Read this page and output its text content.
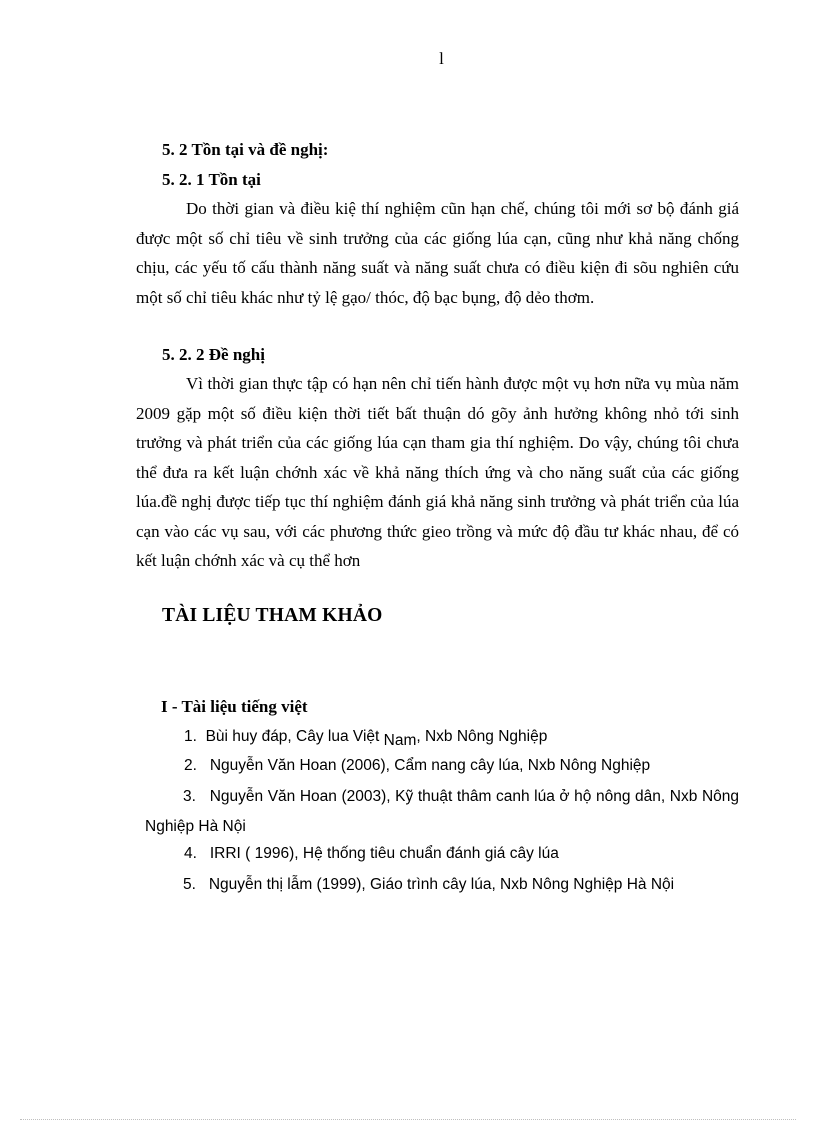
l
5. 2 Tồn tại và đề nghị:
5. 2. 1 Tồn tại
Do thời gian và điều kiệ thí nghiệm cũn hạn chế, chúng tôi mới sơ bộ đánh giá được một số chỉ tiêu về sinh trưởng của các giống lúa cạn, cũng như khả năng chống chịu, các yếu tố cấu thành năng suất và năng suất chưa có điều kiện đi sõu nghiên cứu một số chỉ tiêu khác như tỷ lệ gạo/ thóc, độ bạc bụng, độ dẻo thơm.
5. 2. 2 Đề nghị
Vì thời gian thực tập có hạn nên chỉ tiến hành được một vụ hơn nữa vụ mùa năm 2009 gặp một số điều kiện thời tiết bất thuận dó gõy ảnh hưởng không nhỏ tới sinh trưởng và phát triển của các giống lúa cạn tham gia thí nghiệm. Do vậy, chúng tôi chưa thể đưa ra kết luận chớnh xác về khả năng thích ứng và cho năng suất của các giống lúa.đề nghị được tiếp tục thí nghiệm đánh giá khả năng sinh trưởng và phát triển của lúa cạn vào các vụ sau, với các phương thức gieo trồng và mức độ đầu tư khác nhau, để có kết luận chớnh xác và cụ thể hơn
TÀI LIỆU THAM KHẢO
I - Tài liệu tiếng việt
1. Bùi huy đáp, Cây lua Việt Nam, Nxb Nông Nghiệp
2. Nguyễn Văn Hoan (2006), Cẩm nang cây lúa, Nxb Nông Nghiệp
3. Nguyễn Văn Hoan (2003), Kỹ thuật thâm canh lúa ở hộ nông dân, Nxb Nông Nghiệp Hà Nội
4. IRRI ( 1996), Hệ thống tiêu chuẩn đánh giá cây lúa
5. Nguyễn thị lẫm (1999), Giáo trình cây lúa, Nxb Nông Nghiệp Hà Nội
